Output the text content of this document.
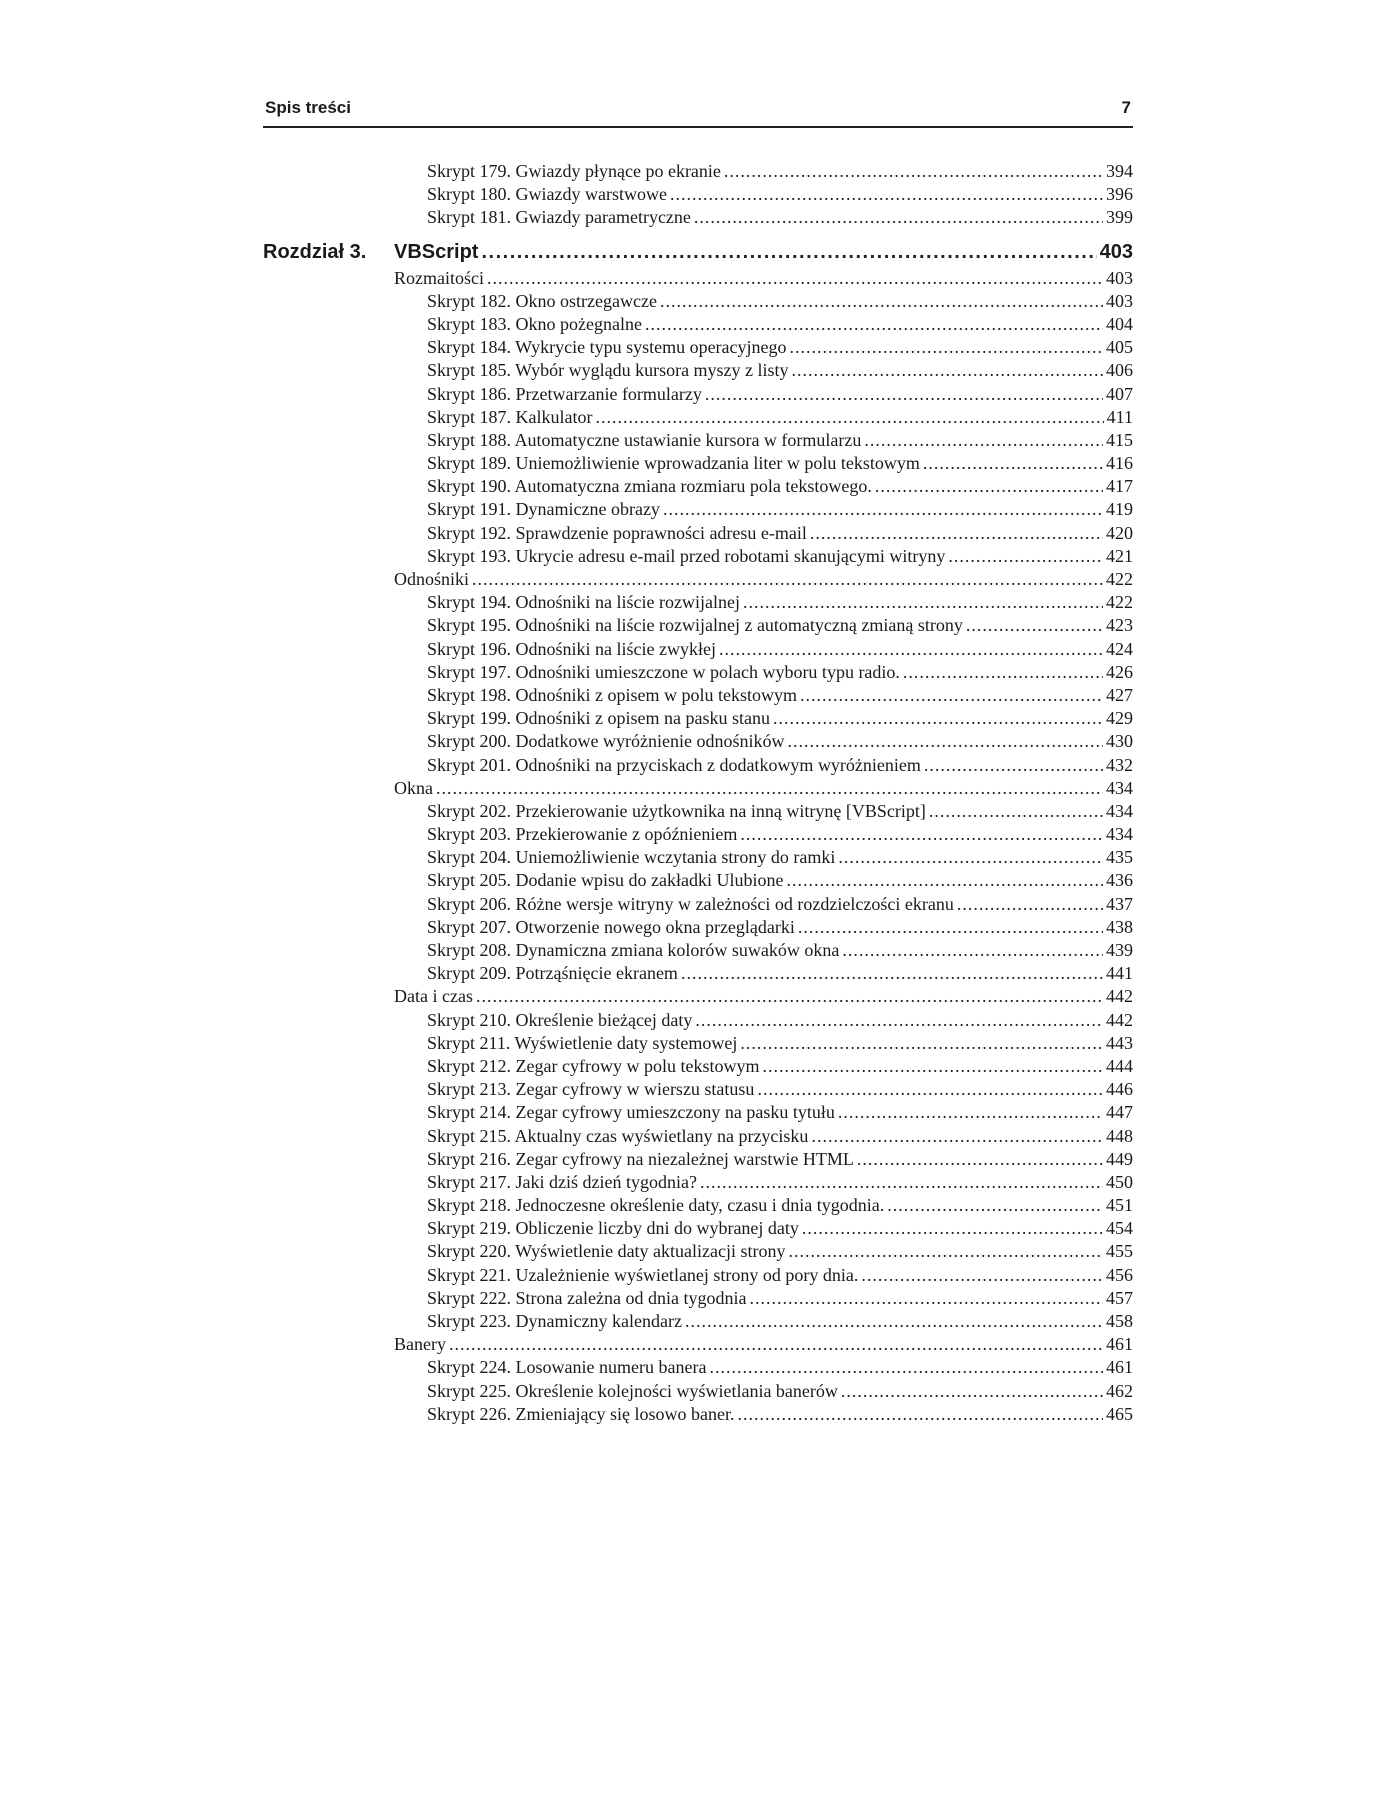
Spis treści	7
Skrypt 179. Gwiazdy płynące po ekranie .....	394
Skrypt 180. Gwiazdy warstwowe .....	396
Skrypt 181. Gwiazdy parametryczne .....	399
Rozdział 3.	VBScript .....	403
Rozmaitości .....	403
Skrypt 182. Okno ostrzegawcze .....	403
Skrypt 183. Okno pożegnalne .....	404
Skrypt 184. Wykrycie typu systemu operacyjnego .....	405
Skrypt 185. Wybór wyglądu kursora myszy z listy .....	406
Skrypt 186. Przetwarzanie formularzy .....	407
Skrypt 187. Kalkulator .....	411
Skrypt 188. Automatyczne ustawianie kursora w formularzu .....	415
Skrypt 189. Uniemożliwienie wprowadzania liter w polu tekstowym .....	416
Skrypt 190. Automatyczna zmiana rozmiaru pola tekstowego. .....	417
Skrypt 191. Dynamiczne obrazy .....	419
Skrypt 192. Sprawdzenie poprawności adresu e-mail .....	420
Skrypt 193. Ukrycie adresu e-mail przed robotami skanującymi witryny .....	421
Odnośniki .....	422
Skrypt 194. Odnośniki na liście rozwijalnej .....	422
Skrypt 195. Odnośniki na liście rozwijalnej z automatyczną zmianą strony .....	423
Skrypt 196. Odnośniki na liście zwykłej .....	424
Skrypt 197. Odnośniki umieszczone w polach wyboru typu radio. .....	426
Skrypt 198. Odnośniki z opisem w polu tekstowym .....	427
Skrypt 199. Odnośniki z opisem na pasku stanu .....	429
Skrypt 200. Dodatkowe wyróżnienie odnośników .....	430
Skrypt 201. Odnośniki na przyciskach z dodatkowym wyróżnieniem .....	432
Okna .....	434
Skrypt 202. Przekierowanie użytkownika na inną witrynę [VBScript] .....	434
Skrypt 203. Przekierowanie z opóźnieniem .....	434
Skrypt 204. Uniemożliwienie wczytania strony do ramki .....	435
Skrypt 205. Dodanie wpisu do zakładki Ulubione .....	436
Skrypt 206. Różne wersje witryny w zależności od rozdzielczości ekranu .....	437
Skrypt 207. Otworzenie nowego okna przeglądarki .....	438
Skrypt 208. Dynamiczna zmiana kolorów suwaków okna .....	439
Skrypt 209. Potrząśnięcie ekranem .....	441
Data i czas .....	442
Skrypt 210. Określenie bieżącej daty .....	442
Skrypt 211. Wyświetlenie daty systemowej .....	443
Skrypt 212. Zegar cyfrowy w polu tekstowym .....	444
Skrypt 213. Zegar cyfrowy w wierszu statusu .....	446
Skrypt 214. Zegar cyfrowy umieszczony na pasku tytułu .....	447
Skrypt 215. Aktualny czas wyświetlany na przycisku .....	448
Skrypt 216. Zegar cyfrowy na niezależnej warstwie HTML .....	449
Skrypt 217. Jaki dziś dzień tygodnia? .....	450
Skrypt 218. Jednoczesne określenie daty, czasu i dnia tygodnia. .....	451
Skrypt 219. Obliczenie liczby dni do wybranej daty .....	454
Skrypt 220. Wyświetlenie daty aktualizacji strony .....	455
Skrypt 221. Uzależnienie wyświetlanej strony od pory dnia. .....	456
Skrypt 222. Strona zależna od dnia tygodnia .....	457
Skrypt 223. Dynamiczny kalendarz .....	458
Banery .....	461
Skrypt 224. Losowanie numeru banera .....	461
Skrypt 225. Określenie kolejności wyświetlania banerów .....	462
Skrypt 226. Zmieniający się losowo baner. .....	465
